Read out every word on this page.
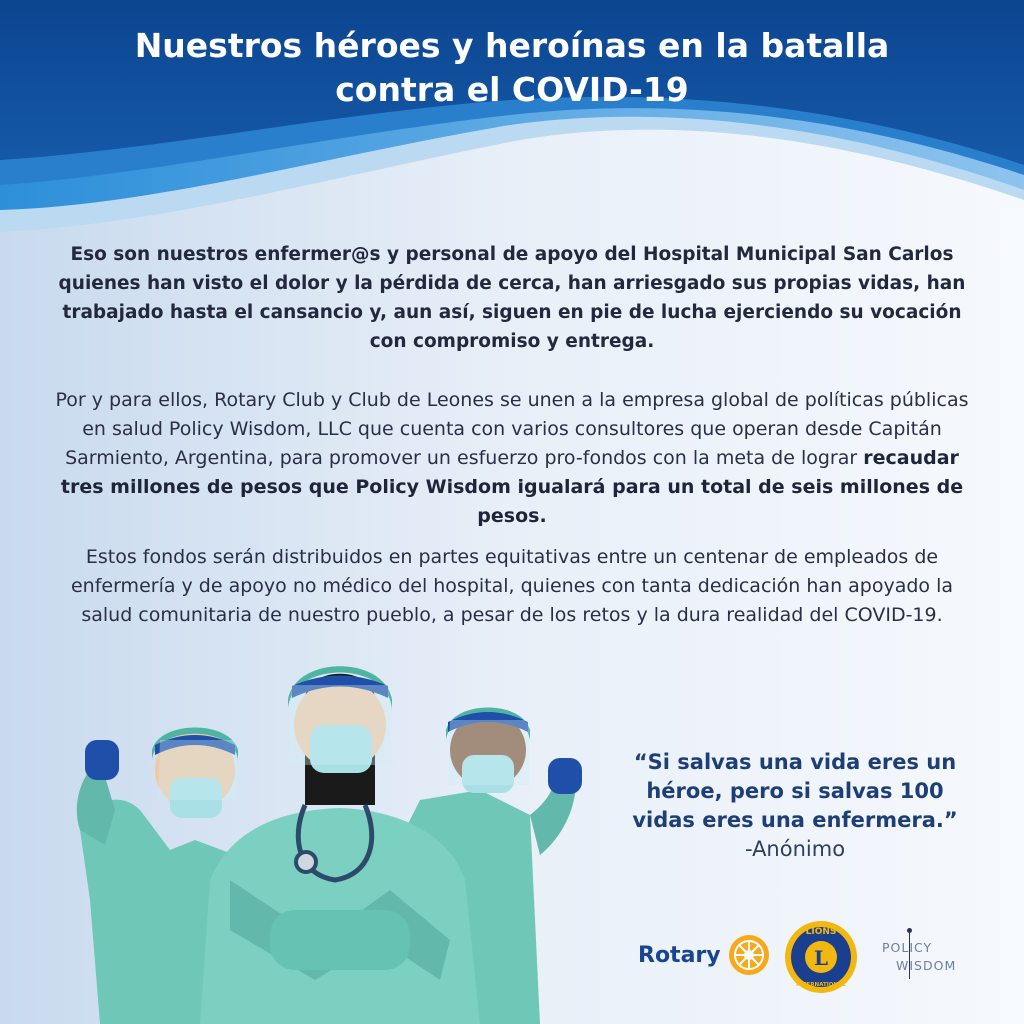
Nuestros héroes y heroínas en la batalla
contra el COVID-19
Eso son nuestros enfermer@s y personal de apoyo del Hospital Municipal San Carlos quienes han visto el dolor y la pérdida de cerca, han arriesgado sus propias vidas, han trabajado hasta el cansancio y, aun así, siguen en pie de lucha ejerciendo su vocación con compromiso y entrega.
Por y para ellos, Rotary Club y Club de Leones se unen a la empresa global de políticas públicas en salud Policy Wisdom, LLC que cuenta con varios consultores que operan desde Capitán Sarmiento, Argentina, para promover un esfuerzo pro-fondos con la meta de lograr recaudar tres millones de pesos que Policy Wisdom igualará para un total de seis millones de pesos.
Estos fondos serán distribuidos en partes equitativas entre un centenar de empleados de enfermería y de apoyo no médico del hospital, quienes con tanta dedicación han apoyado la salud comunitaria de nuestro pueblo, a pesar de los retos y la dura realidad del COVID-19.
“Si salvas una vida eres un héroe, pero si salvas 100 vidas eres una enfermera.” -Anónimo
Rotary
LIONS
INTERNATIONAL
L	POLICY
WISDOM
